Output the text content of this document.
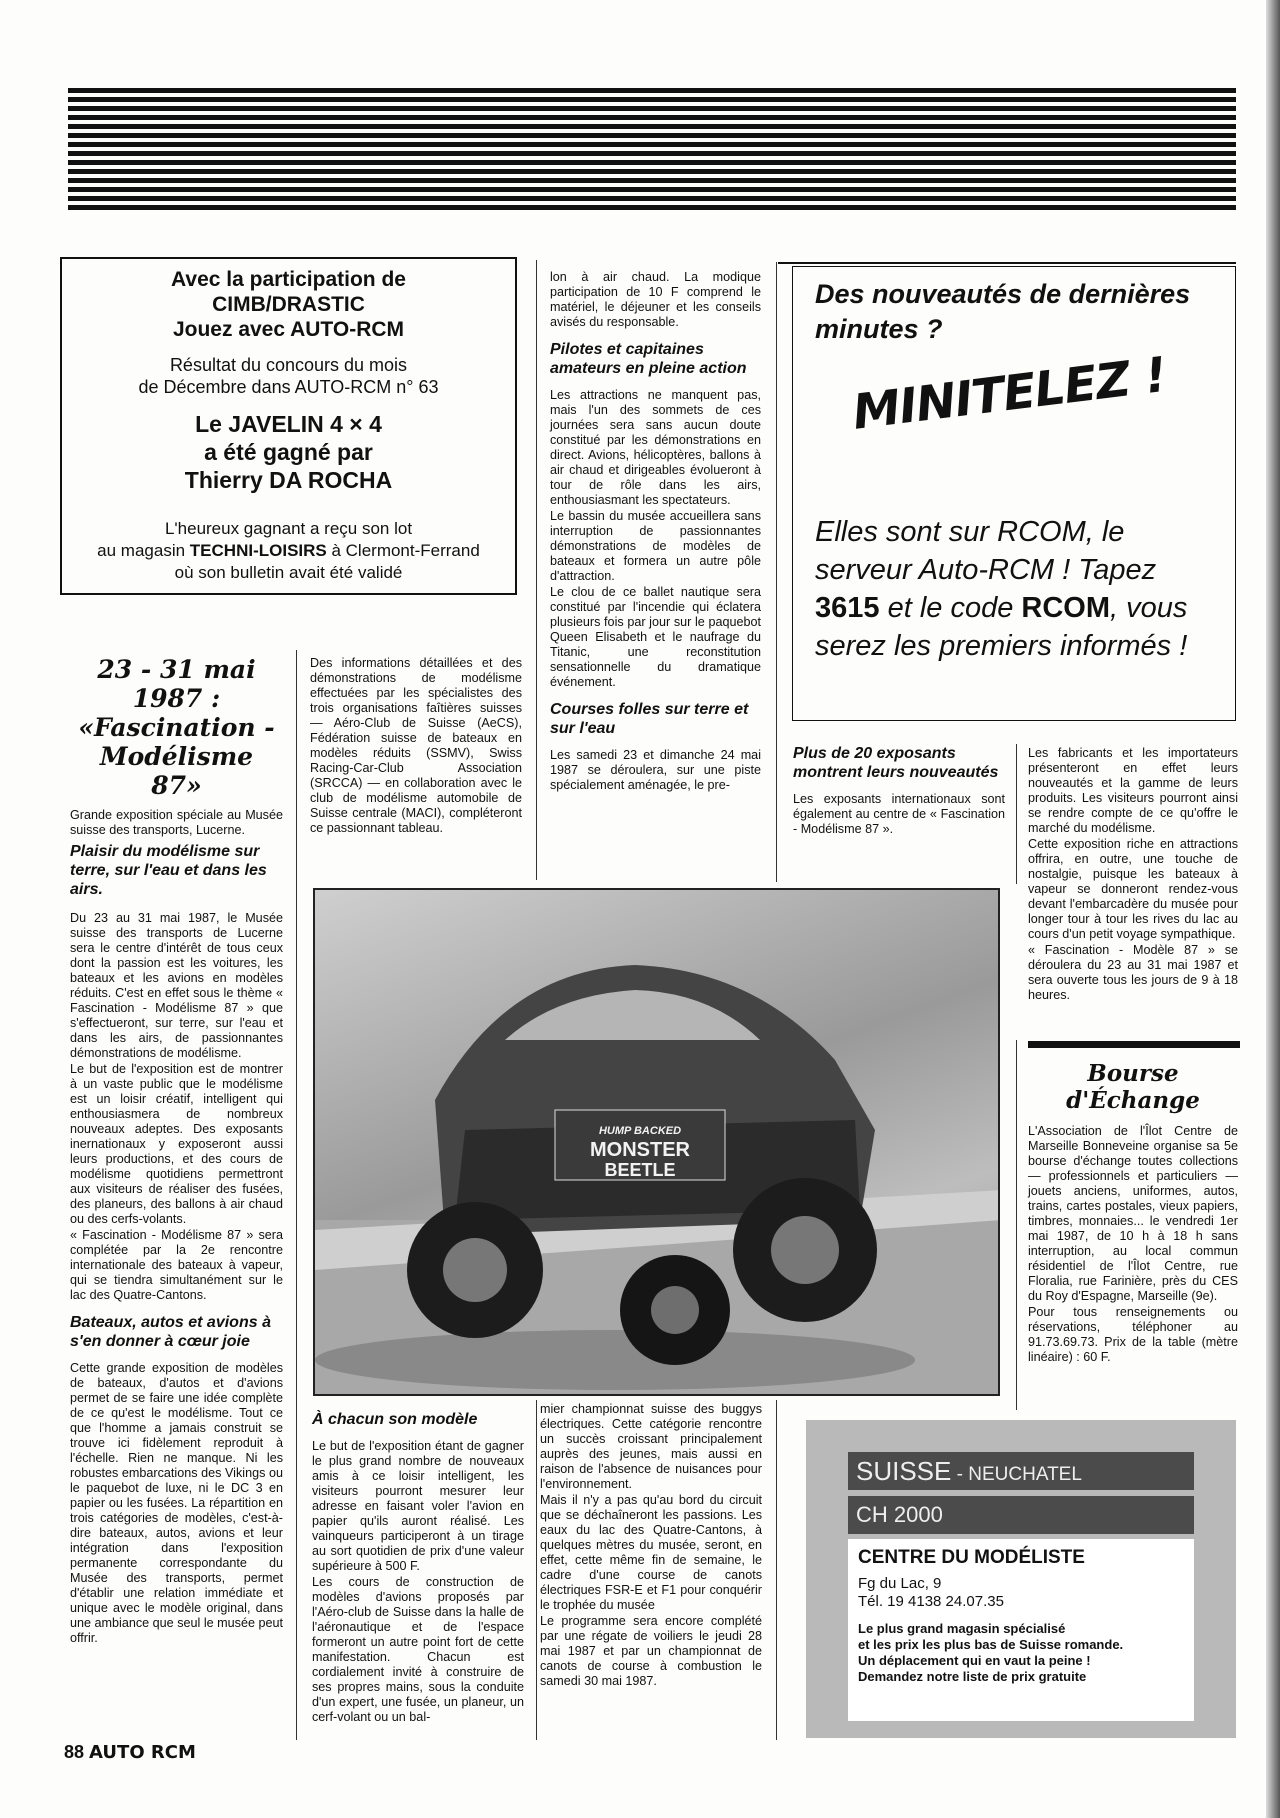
Avec la participation de
CIMB/DRASTIC
Jouez avec AUTO-RCM
Résultat du concours du mois
de Décembre dans AUTO-RCM n° 63
Le JAVELIN 4 × 4
a été gagné par
Thierry DA ROCHA
L'heureux gagnant a reçu son lot
au magasin TECHNI-LOISIRS à Clermont-Ferrand
où son bulletin avait été validé
23 - 31 mai
1987 :
«Fascination -
Modélisme
87»

Grande exposition spéciale au Musée suisse des transports, Lucerne.

Plaisir du modélisme sur terre, sur l'eau et dans les airs.

Du 23 au 31 mai 1987, le Musée suisse des transports de Lucerne sera le centre d'intérêt de tous ceux dont la passion est les voitures, les bateaux et les avions en modèles réduits. C'est en effet sous le thème « Fascination - Modélisme 87 » que s'effectueront, sur terre, sur l'eau et dans les airs, de passionnantes démonstrations de modélisme.

Le but de l'exposition est de montrer à un vaste public que le modélisme est un loisir créatif, intelligent qui enthousiasmera de nombreux nouveaux adeptes. Des exposants inernationaux y exposeront aussi leurs productions, et des cours de modélisme quotidiens permettront aux visiteurs de réaliser des fusées, des planeurs, des ballons à air chaud ou des cerfs-volants.

« Fascination - Modélisme 87 » sera complétée par la 2e rencontre internationale des bateaux à vapeur, qui se tiendra simultanément sur le lac des Quatre-Cantons.

Bateaux, autos et avions à s'en donner à cœur joie

Cette grande exposition de modèles de bateaux, d'autos et d'avions permet de se faire une idée complète de ce qu'est le modélisme. Tout ce que l'homme a jamais construit se trouve ici fidèlement reproduit à l'échelle. Rien ne manque. Ni les robustes embarcations des Vikings ou le paquebot de luxe, ni le DC 3 en papier ou les fusées. La répartition en trois catégories de modèles, c'est-à-dire bateaux, autos, avions et leur intégration dans l'exposition permanente correspondante du Musée des transports, permet d'établir une relation immédiate et unique avec le modèle original, dans une ambiance que seul le musée peut offrir.

Des informations détaillées et des démonstrations de modélisme effectuées par les spécialistes des trois organisations faîtières suisses — Aéro-Club de Suisse (AeCS), Fédération suisse de bateaux en modèles réduits (SSMV), Swiss Racing-Car-Club Association (SRCCA) — en collaboration avec le club de modélisme automobile de Suisse centrale (MACI), compléteront ce passionnant tableau.

lon à air chaud. La modique participation de 10 F comprend le matériel, le déjeuner et les conseils avisés du responsable.

Pilotes et capitaines amateurs en pleine action

Les attractions ne manquent pas, mais l'un des sommets de ces journées sera sans aucun doute constitué par les démonstrations en direct. Avions, hélicoptères, ballons à air chaud et dirigeables évolueront à tour de rôle dans les airs, enthousiasmant les spectateurs.

Le bassin du musée accueillera sans interruption de passionnantes démonstrations de modèles de bateaux et formera un autre pôle d'attraction.

Le clou de ce ballet nautique sera constitué par l'incendie qui éclatera plusieurs fois par jour sur le paquebot Queen Elisabeth et le naufrage du Titanic, une reconstitution sensationnelle du dramatique événement.

Courses folles sur terre et sur l'eau

Les samedi 23 et dimanche 24 mai 1987 se déroulera, sur une piste spécialement aménagée, le pre-

Des nouveautés de dernières minutes ?
MINITELEZ !
Elles sont sur RCOM, le serveur Auto-RCM ! Tapez 3615 et le code RCOM, vous serez les premiers informés !
Plus de 20 exposants montrent leurs nouveautés

Les exposants internationaux sont également au centre de « Fascination - Modélisme 87 ».

Les fabricants et les importateurs présenteront en effet leurs nouveautés et la gamme de leurs produits. Les visiteurs pourront ainsi se rendre compte de ce qu'offre le marché du modélisme.

Cette exposition riche en attractions offrira, en outre, une touche de nostalgie, puisque les bateaux à vapeur se donneront rendez-vous devant l'embarcadère du musée pour longer tour à tour les rives du lac au cours d'un petit voyage sympathique.

« Fascination - Modèle 87 » se déroulera du 23 au 31 mai 1987 et sera ouverte tous les jours de 9 à 18 heures.

Bourse
d'Échange

L'Association de l'Îlot Centre de Marseille Bonneveine organise sa 5e bourse d'échange toutes collections — professionnels et particuliers — jouets anciens, uniformes, autos, trains, cartes postales, vieux papiers, timbres, monnaies... le vendredi 1er mai 1987, de 10 h à 18 h sans interruption, au local commun résidentiel de l'Îlot Centre, rue Floralia, rue Farinière, près du CES du Roy d'Espagne, Marseille (9e).

Pour tous renseignements ou réservations, téléphoner au 91.73.69.73. Prix de la table (mètre linéaire) : 60 F.

HUMP BACKED
MONSTER
BEETLE
À chacun son modèle

Le but de l'exposition étant de gagner le plus grand nombre de nouveaux amis à ce loisir intelligent, les visiteurs pourront mesurer leur adresse en faisant voler l'avion en papier qu'ils auront réalisé. Les vainqueurs participeront à un tirage au sort quotidien de prix d'une valeur supérieure à 500 F.

Les cours de construction de modèles d'avions proposés par l'Aéro-club de Suisse dans la halle de l'aéronautique et de l'espace formeront un autre point fort de cette manifestation. Chacun est cordialement invité à construire de ses propres mains, sous la conduite d'un expert, une fusée, un planeur, un cerf-volant ou un bal-

mier championnat suisse des buggys électriques. Cette catégorie rencontre un succès croissant principalement auprès des jeunes, mais aussi en raison de l'absence de nuisances pour l'environnement.

Mais il n'y a pas qu'au bord du circuit que se déchaîneront les passions. Les eaux du lac des Quatre-Cantons, à quelques mètres du musée, seront, en effet, cette même fin de semaine, le cadre d'une course de canots électriques FSR-E et F1 pour conquérir le trophée du musée

Le programme sera encore complété par une régate de voiliers le jeudi 28 mai 1987 et par un championnat de canots de course à combustion le samedi 30 mai 1987.

SUISSE - NEUCHATEL
CH 2000
CENTRE DU MODÉLISTE
Fg du Lac, 9
Tél. 19 4138 24.07.35
Le plus grand magasin spécialisé
et les prix les plus bas de Suisse romande.
Un déplacement qui en vaut la peine !
Demandez notre liste de prix gratuite
88 AUTO RCM
